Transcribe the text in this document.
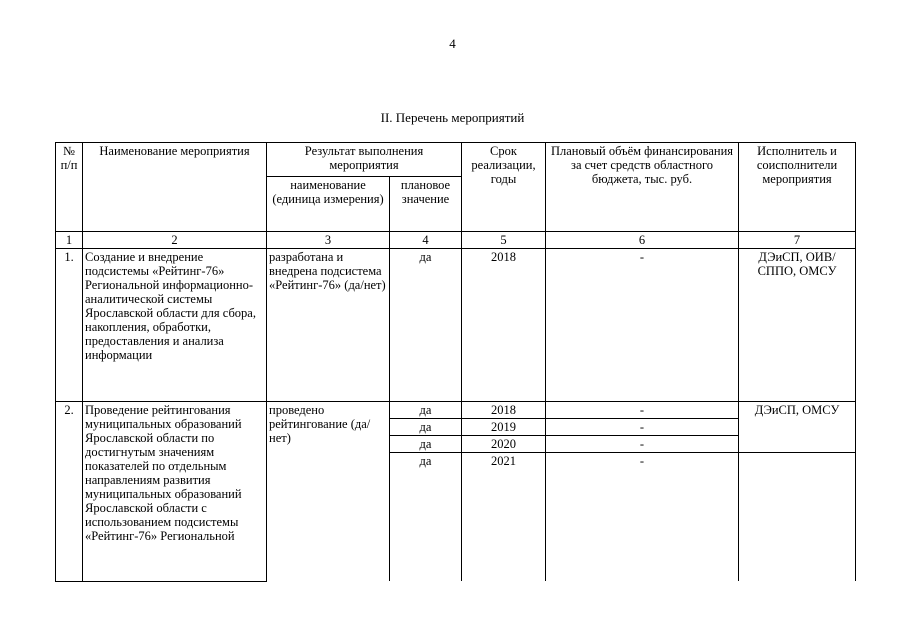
4
II. Перечень мероприятий
№ п/п	Наименование мероприятия	Результат выполнения мероприятия		Срок реализации, годы	Плановый объём финансирования за счет средств областного бюджета, тыс. руб.	Исполнитель и соисполнители мероприятия
		наименование (единица измерения)	плановое значение			
1	2	3	4	5	6	7
1.	Создание и внедрение подсистемы «Рейтинг-76» Региональной информационно-аналитической системы Ярославской области для сбора, накопления, обработки, предоставления и анализа информации	разработана и внедрена подсистема «Рейтинг-76» (да/нет)	да	2018	-	ДЭиСП, ОИВ/СППО, ОМСУ
2.	Проведение рейтингования муниципальных образований Ярославской области по достигнутым значениям показателей по отдельным направлениям развития муниципальных образований Ярославской области с использованием подсистемы «Рейтинг-76» Региональной	проведено рейтингование (да/нет)	да	2018	-	ДЭиСП, ОМСУ
			да	2019	-	
			да	2020	-	
			да	2021	-	
